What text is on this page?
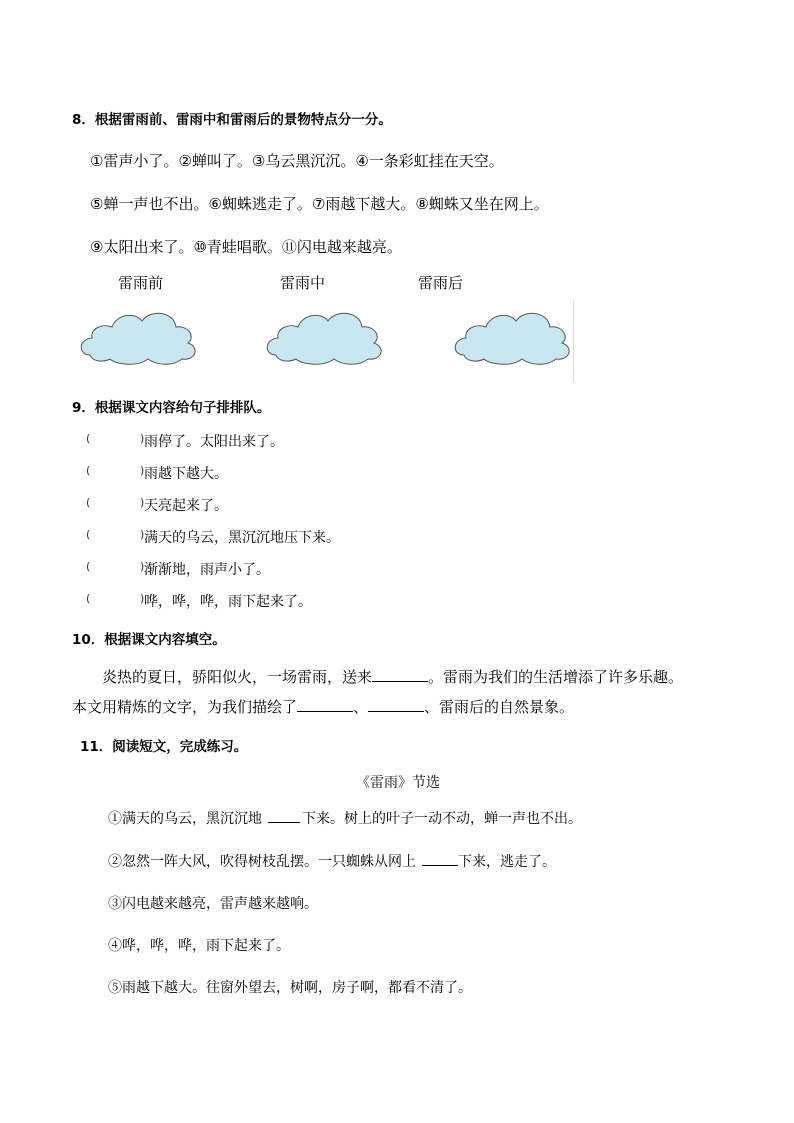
8．根据雷雨前、雷雨中和雷雨后的景物特点分一分。
①雷声小了。②蝉叫了。③乌云黑沉沉。④一条彩虹挂在天空。
⑤蝉一声也不出。⑥蜘蛛逃走了。⑦雨越下越大。⑧蜘蛛又坐在网上。
⑨太阳出来了。⑩青蛙唱歌。⑪闪电越来越亮。
雷雨前	雷雨中	雷雨后
9．根据课文内容给句子排排队。
(	) 雨停了。太阳出来了。
(	) 雨越下越大。
(	) 天亮起来了。
(	) 满天的乌云，黑沉沉地压下来。
(	) 渐渐地，雨声小了。
(	) 哗，哗，哗，雨下起来了。
10．根据课文内容填空。
炎热的夏日，骄阳似火，一场雷雨，送来	。雷雨为我们的生活增添了许多乐趣。
本文用精炼的文字，为我们描绘了	、	、雷雨后的自然景象。
11．阅读短文，完成练习。
《雷雨》节选
①满天的乌云，黑沉沉地	下来。树上的叶子一动不动，蝉一声也不出。
②忽然一阵大风，吹得树枝乱摆。一只蜘蛛从网上	下来，逃走了。
③闪电越来越亮，雷声越来越响。
④哗，哗，哗，雨下起来了。
⑤雨越下越大。往窗外望去，树啊，房子啊，都看不清了。
